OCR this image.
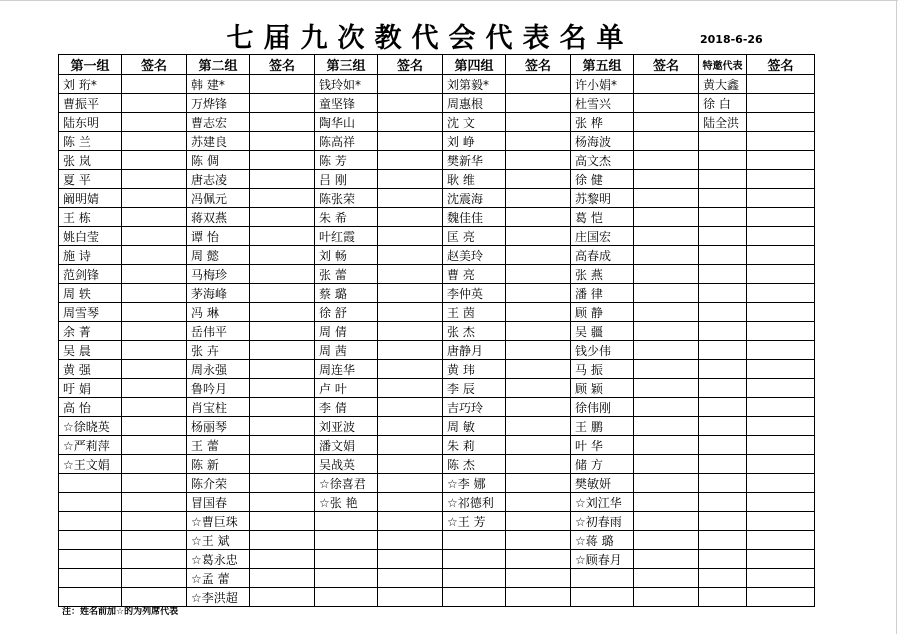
七届九次教代会代表名单	2018-6-26
第一组	签名	第二组	签名	第三组	签名	第四组	签名	第五组	签名	特邀代表	签名
刘 珩*		韩 建*		钱玲如*		刘第毅*		许小娟*		黄大鑫	
曹振平		万烨锋		童坚锋		周惠根		杜雪兴		徐 白	
陆东明		曹志宏		陶华山		沈 文		张 桦		陆全洪	
陈 兰		苏建良		陈高祥		刘 峥		杨海波			
张 岚		陈 倜		陈 芳		樊新华		高文杰			
夏 平		唐志凌		吕 刚		耿 维		徐 健			
阚明婧		冯佩元		陈张荣		沈震海		苏黎明			
王 栋		蒋双燕		朱 希		魏佳佳		葛 恺			
姚白莹		谭 怡		叶红霞		匡 亮		庄国宏			
施 诗		周 懿		刘 畅		赵美玲		高春成			
范剑锋		马梅珍		张 蕾		曹 亮		张 燕			
周 轶		茅海峰		蔡 璐		李仲英		潘 律			
周雪琴		冯 琳		徐 舒		王 茵		顾 静			
余 菁		岳伟平		周 倩		张 杰		吴 疆			
吴 晨		张 卉		周 茜		唐静月		钱少伟			
黄 强		周永强		周连华		黄 玮		马 振			
吁 娟		鲁吟月		卢 叶		李 辰		顾 颖			
高 怡		肖宝柱		李 倩		吉巧玲		徐伟刚			
☆徐晓英		杨丽琴		刘亚波		周 敏		王 鹏			
☆严莉萍		王 蕾		潘文娟		朱 莉		叶 华			
☆王文娟		陈 新		吴战英		陈 杰		储 方			
		陈介荣		☆徐喜君		☆李 娜		樊敏妍			
		冒国春		☆张 艳		☆祁德利		☆刘江华			
		☆曹巨珠				☆王 芳		☆初春雨			
		☆王 斌						☆蒋 璐			
		☆葛永忠						☆顾春月			
		☆孟 蕾									
		☆李洪超									
注：姓名前加☆的为列席代表
